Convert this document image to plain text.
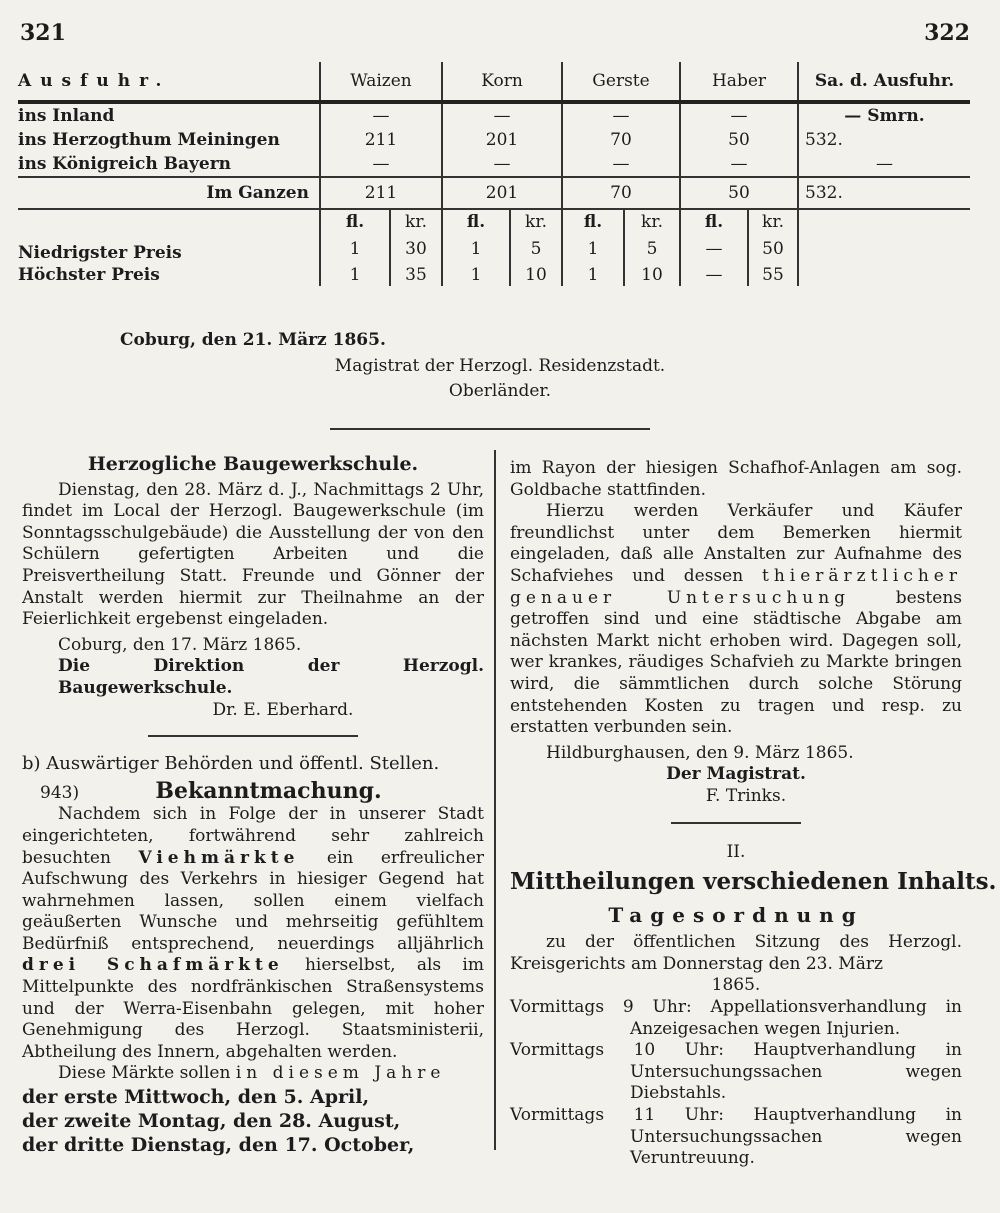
321	322
Ausfuhr.	Waizen		Korn		Gerste		Haber		Sa. d. Ausfuhr.
ins Inland	—		—		—		—		— Smrn.
ins Herzogthum Meiningen	211		201		70		50		532.
ins Königreich Bayern	—		—		—		—		—
Im Ganzen	211		201		70		50		532.
	fl.	kr.	fl.	kr.	fl.	kr.	fl.	kr.	
Niedrigster Preis	1	30	1	5	1	5	—	50	
Höchster Preis	1	35	1	10	1	10	—	55	
Coburg, den 21. März 1865.
Magistrat der Herzogl. Residenzstadt.
Oberländer.
Herzogliche Baugewerkschule.
Dienstag, den 28. März d. J., Nachmittags 2 Uhr, findet im Local der Herzogl. Baugewerkschule (im Sonntagsschulgebäude) die Ausstellung der von den Schülern gefertigten Arbeiten und die Preisvertheilung Statt. Freunde und Gönner der Anstalt werden hiermit zur Theilnahme an der Feierlichkeit ergebenst eingeladen.
Coburg, den 17. März 1865.
Die Direktion der Herzogl. Baugewerkschule.
Dr. E. Eberhard.
b) Auswärtiger Behörden und öffentl. Stellen.
943)	Bekanntmachung.
Nachdem sich in Folge der in unserer Stadt eingerichteten, fortwährend sehr zahlreich besuchten Viehmärkte ein erfreulicher Aufschwung des Verkehrs in hiesiger Gegend hat wahrnehmen lassen, sollen einem vielfach geäußerten Wunsche und mehrseitig gefühltem Bedürfniß entsprechend, neuerdings alljährlich drei Schafmärkte hierselbst, als im Mittelpunkte des nordfränkischen Straßensystems und der Werra-Eisenbahn gelegen, mit hoher Genehmigung des Herzogl. Staatsministerii, Abtheilung des Innern, abgehalten werden.
Diese Märkte sollen in diesem Jahre
der erste Mittwoch, den 5. April,
der zweite Montag, den 28. August,
der dritte Dienstag, den 17. October,
im Rayon der hiesigen Schafhof-Anlagen am sog. Goldbache stattfinden.
Hierzu werden Verkäufer und Käufer freundlichst unter dem Bemerken hiermit eingeladen, daß alle Anstalten zur Aufnahme des Schafviehes und dessen thierärztlicher genauer Untersuchung	bestens getroffen sind und eine städtische Abgabe am nächsten Markt nicht erhoben wird. Dagegen soll, wer krankes, räudiges Schafvieh zu Markte bringen wird, die sämmtlichen durch solche Störung entstehenden Kosten zu tragen und resp. zu erstatten verbunden sein.
Hildburghausen, den 9. März 1865.
Der Magistrat.
F. Trinks.
II.
Mittheilungen verschiedenen Inhalts.
Tagesordnung
zu der öffentlichen Sitzung des Herzogl. Kreisgerichts am Donnerstag den 23. März
1865.
Vormittags 9 Uhr: Appellationsverhandlung in Anzeigesachen wegen Injurien.
Vormittags 10 Uhr: Hauptverhandlung in Untersuchungssachen wegen Diebstahls.
Vormittags 11 Uhr: Hauptverhandlung in Untersuchungssachen wegen Veruntreuung.
